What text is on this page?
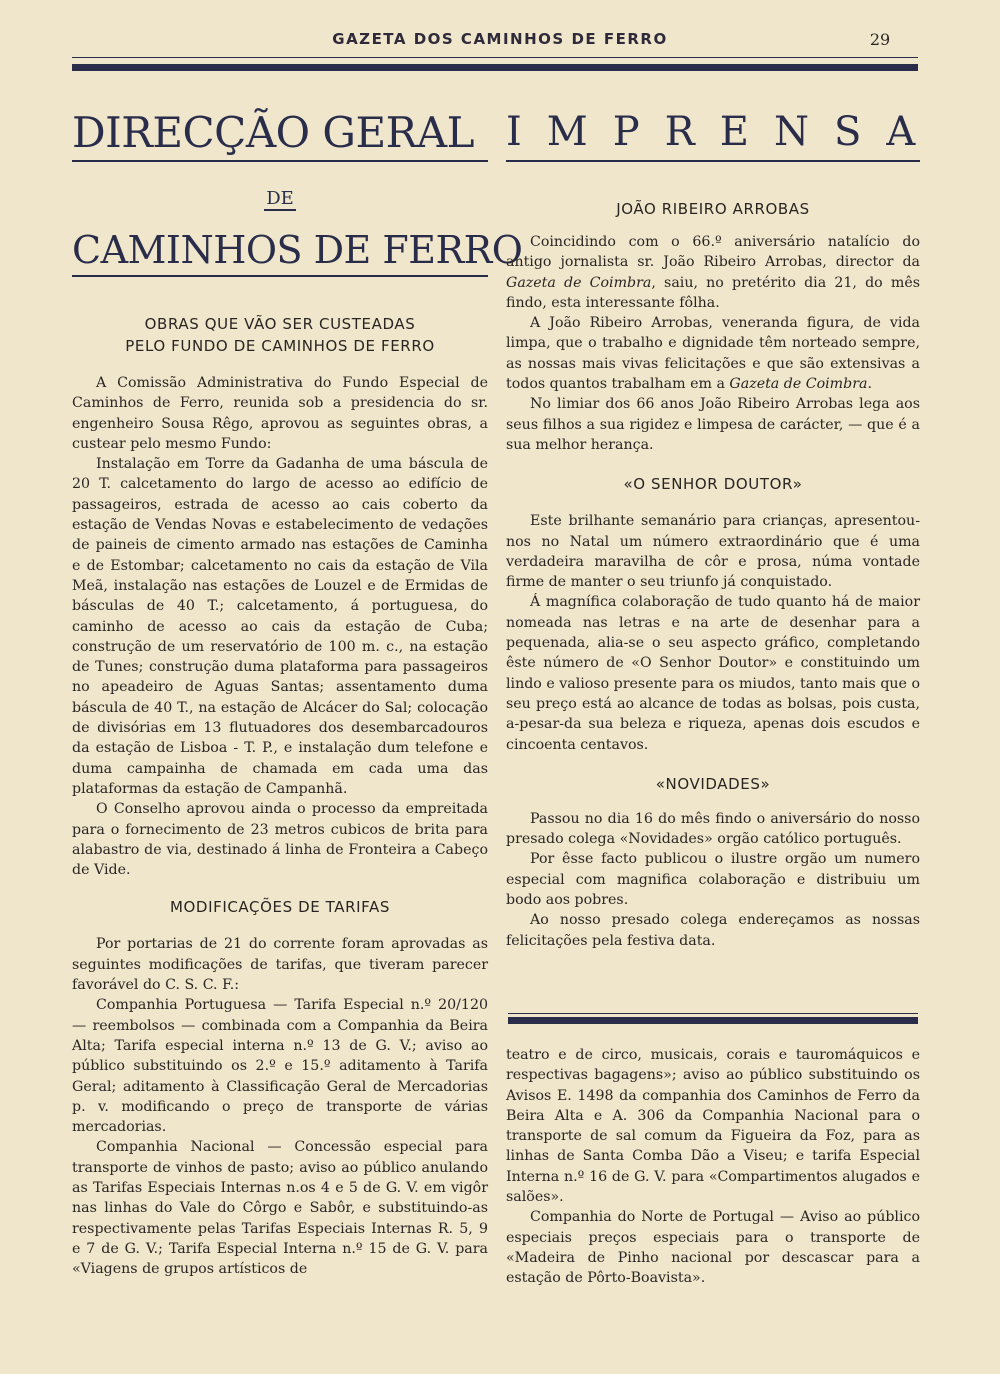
GAZETA DOS CAMINHOS DE FERRO	29
DIRECÇÃO GERAL
DE
CAMINHOS DE FERRO

OBRAS QUE VÃO SER CUSTEADAS

PELO FUNDO DE CAMINHOS DE FERRO

A Comissão Administrativa do Fundo Especial de Caminhos de Ferro, reunida sob a presidencia do sr. engenheiro Sousa Rêgo, aprovou as seguintes obras, a custear pelo mesmo Fundo:

Instalação em Torre da Gadanha de uma báscula de 20 T. calcetamento do largo de acesso ao edifício de passageiros, estrada de acesso ao cais coberto da estação de Vendas Novas e estabelecimento de vedações de paineis de cimento armado nas estações de Caminha e de Estombar; calcetamento no cais da estação de Vila Meã, instalação nas estações de Louzel e de Ermidas de básculas de 40 T.; calcetamento, á portuguesa, do caminho de acesso ao cais da estação de Cuba; construção de um reservatório de 100 m. c., na estação de Tunes; construção duma plataforma para passageiros no apeadeiro de Aguas Santas; assentamento duma báscula de 40 T., na estação de Alcácer do Sal; colocação de divisórias em 13 flutuadores dos desembarcadouros da estação de Lisboa - T. P., e instalação dum telefone e duma campainha de chamada em cada uma das plataformas da estação de Campanhã.

O Conselho aprovou ainda o processo da empreitada para o fornecimento de 23 metros cubicos de brita para alabastro de via, destinado á linha de Fronteira a Cabeço de Vide.

MODIFICAÇÕES DE TARIFAS

Por portarias de 21 do corrente foram aprovadas as seguintes modificações de tarifas, que tiveram parecer favorável do C. S. C. F.:

Companhia Portuguesa — Tarifa Especial n.º 20/120 — reembolsos — combinada com a Companhia da Beira Alta; Tarifa especial interna n.º 13 de G. V.; aviso ao público substituindo os 2.º e 15.º aditamento à Tarifa Geral; aditamento à Classificação Geral de Mercadorias p. v. modificando o preço de transporte de várias mercadorias.

Companhia Nacional — Concessão especial para transporte de vinhos de pasto; aviso ao público anulando as Tarifas Especiais Internas n.os 4 e 5 de G. V. em vigôr nas linhas do Vale do Côrgo e Sabôr, e substituindo-as respectivamente pelas Tarifas Especiais Internas R. 5, 9 e 7 de G. V.; Tarifa Especial Interna n.º 15 de G. V. para «Viagens de grupos artísticos de

IMPRENSA

JOÃO RIBEIRO ARROBAS

Coincidindo com o 66.º aniversário natalício do antigo jornalista sr. João Ribeiro Arrobas, director da Gazeta de Coimbra, saiu, no pretérito dia 21, do mês findo, esta interessante fôlha.

A João Ribeiro Arrobas, veneranda figura, de vida limpa, que o trabalho e dignidade têm norteado sempre, as nossas mais vivas felicitações e que são extensivas a todos quantos trabalham em a Gazeta de Coimbra.

No limiar dos 66 anos João Ribeiro Arrobas lega aos seus filhos a sua rigidez e limpesa de carácter, — que é a sua melhor herança.

«O SENHOR DOUTOR»

Este brilhante semanário para crianças, apresentou-nos no Natal um número extraordinário que é uma verdadeira maravilha de côr e prosa, núma vontade firme de manter o seu triunfo já conquistado.

Á magnífica colaboração de tudo quanto há de maior nomeada nas letras e na arte de desenhar para a pequenada, alia-se o seu aspecto gráfico, completando êste número de «O Senhor Doutor» e constituindo um lindo e valioso presente para os miudos, tanto mais que o seu preço está ao alcance de todas as bolsas, pois custa, a-pesar-da sua beleza e riqueza, apenas dois escudos e cincoenta centavos.

«NOVIDADES»

Passou no dia 16 do mês findo o aniversário do nosso presado colega «Novidades» orgão católico português.

Por êsse facto publicou o ilustre orgão um numero especial com magnifica colaboração e distribuiu um bodo aos pobres.

Ao nosso presado colega endereçamos as nossas felicitações pela festiva data.

teatro e de circo, musicais, corais e tauromáquicos e respectivas bagagens»; aviso ao público substituindo os Avisos E. 1498 da companhia dos Caminhos de Ferro da Beira Alta e A. 306 da Companhia Nacional para o transporte de sal comum da Figueira da Foz, para as linhas de Santa Comba Dão a Viseu; e tarifa Especial Interna n.º 16 de G. V. para «Compartimentos alugados e salões».

Companhia do Norte de Portugal — Aviso ao público especiais preços especiais para o transporte de «Madeira de Pinho nacional por descascar para a estação de Pôrto-Boavista».
